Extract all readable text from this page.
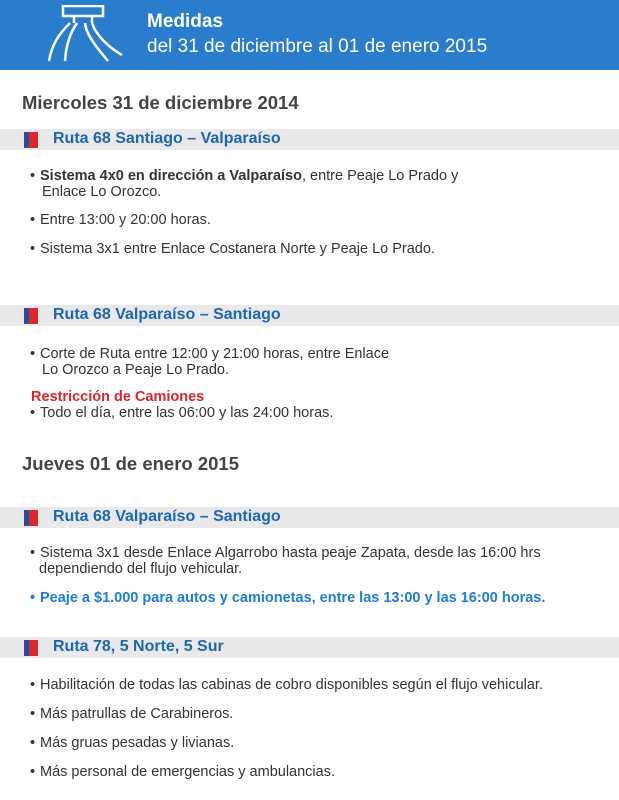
Medidas
del 31 de diciembre al 01 de enero 2015
Miercoles 31 de diciembre 2014
Ruta 68 Santiago – Valparaíso
• Sistema 4x0 en dirección a Valparaíso, entre Peaje Lo Prado y
Enlace Lo Orozco.
• Entre 13:00 y 20:00 horas.
• Sistema 3x1 entre Enlace Costanera Norte y Peaje Lo Prado.
Ruta 68 Valparaíso – Santiago
• Corte de Ruta entre 12:00 y 21:00 horas, entre Enlace
Lo Orozco a Peaje Lo Prado.
Restricción de Camiones
• Todo el día, entre las 06:00 y las 24:00 horas.
Jueves 01 de enero 2015
Ruta 68 Valparaíso – Santiago
• Sistema 3x1 desde Enlace Algarrobo hasta peaje Zapata, desde las 16:00 hrs
dependiendo del flujo vehicular.
• Peaje a $1.000 para autos y camionetas, entre las 13:00 y las 16:00 horas.
Ruta 78, 5 Norte, 5 Sur
• Habilitación de todas las cabinas de cobro disponibles según el flujo vehicular.
• Más patrullas de Carabineros.
• Más gruas pesadas y livianas.
• Más personal de emergencias y ambulancias.
